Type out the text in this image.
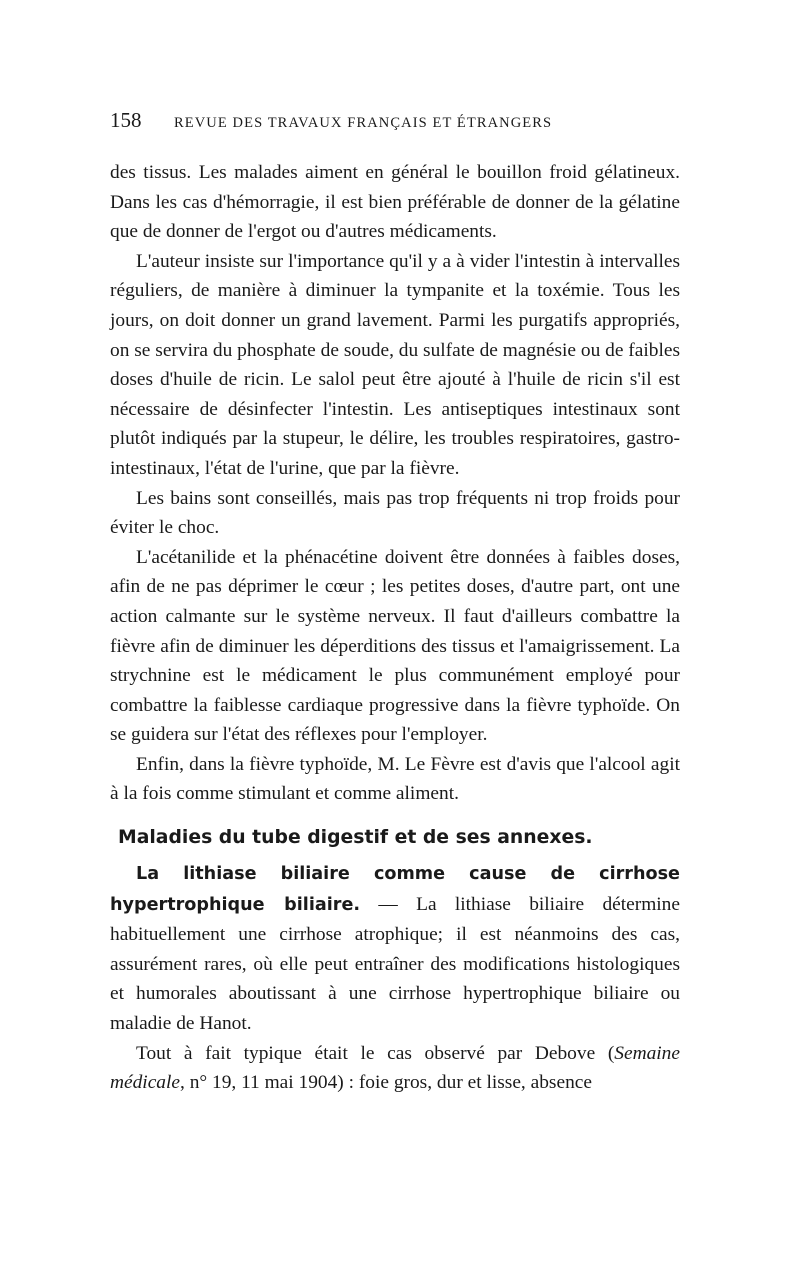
158	REVUE DES TRAVAUX FRANÇAIS ET ÉTRANGERS

des tissus. Les malades aiment en général le bouillon froid gélatineux. Dans les cas d'hémorragie, il est bien préférable de donner de la gélatine que de donner de l'ergot ou d'autres médicaments.

L'auteur insiste sur l'importance qu'il y a à vider l'intestin à intervalles réguliers, de manière à diminuer la tympanite et la toxémie. Tous les jours, on doit donner un grand lavement. Parmi les purgatifs appropriés, on se servira du phosphate de soude, du sulfate de magnésie ou de faibles doses d'huile de ricin. Le salol peut être ajouté à l'huile de ricin s'il est nécessaire de désinfecter l'intestin. Les antiseptiques intestinaux sont plutôt indiqués par la stupeur, le délire, les troubles respiratoires, gastro-intestinaux, l'état de l'urine, que par la fièvre.

Les bains sont conseillés, mais pas trop fréquents ni trop froids pour éviter le choc.

L'acétanilide et la phénacétine doivent être données à faibles doses, afin de ne pas déprimer le cœur ; les petites doses, d'autre part, ont une action calmante sur le système nerveux. Il faut d'ailleurs combattre la fièvre afin de diminuer les déperditions des tissus et l'amaigrissement. La strychnine est le médicament le plus communément employé pour combattre la faiblesse cardiaque progressive dans la fièvre typhoïde. On se guidera sur l'état des réflexes pour l'employer.

Enfin, dans la fièvre typhoïde, M. Le Fèvre est d'avis que l'alcool agit à la fois comme stimulant et comme aliment.

Maladies du tube digestif et de ses annexes.

La lithiase biliaire comme cause de cirrhose hypertrophique biliaire. — La lithiase biliaire détermine habituellement une cirrhose atrophique; il est néanmoins des cas, assurément rares, où elle peut entraîner des modifications histologiques et humorales aboutissant à une cirrhose hypertrophique biliaire ou maladie de Hanot.

Tout à fait typique était le cas observé par Debove (Semaine médicale, n° 19, 11 mai 1904) : foie gros, dur et lisse, absence
